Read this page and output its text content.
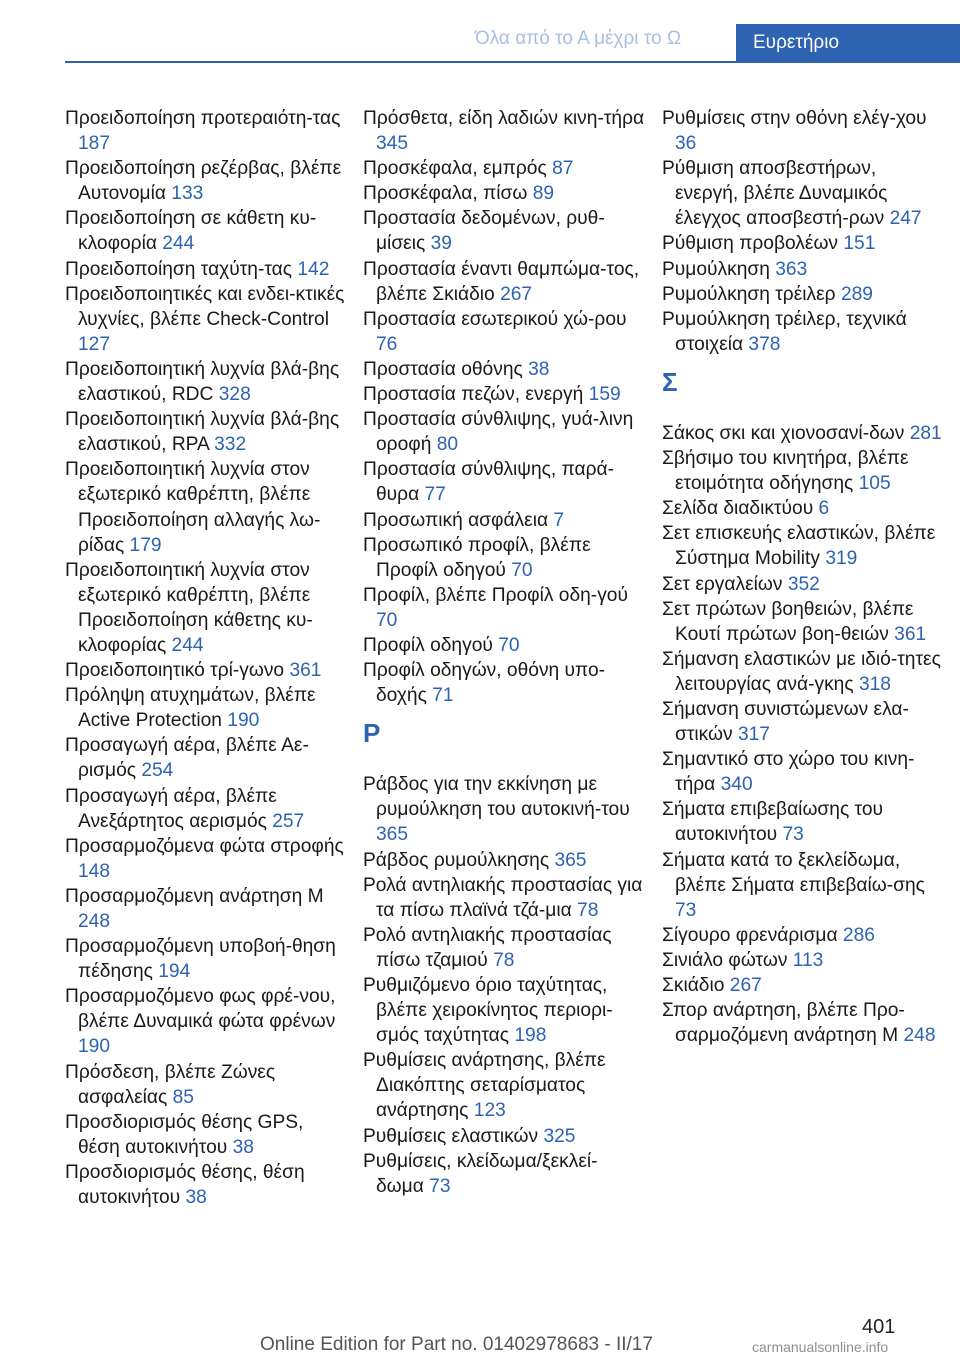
Όλα από το Α μέχρι το Ω	Ευρετήριο
Προειδοποίηση προτεραιότη-τας 187
Προειδοποίηση ρεζέρβας, βλέπε Αυτονομία 133
Προειδοποίηση σε κάθετη κυ-κλοφορία 244
Προειδοποίηση ταχύτη-τας 142
Προειδοποιητικές και ενδει-κτικές λυχνίες, βλέπε Check-Control 127
Προειδοποιητική λυχνία βλά-βης ελαστικού, RDC 328
Προειδοποιητική λυχνία βλά-βης ελαστικού, RPA 332
Προειδοποιητική λυχνία στον εξωτερικό καθρέπτη, βλέπε Προειδοποίηση αλλαγής λω-ρίδας 179
Προειδοποιητική λυχνία στον εξωτερικό καθρέπτη, βλέπε Προειδοποίηση κάθετης κυ-κλοφορίας 244
Προειδοποιητικό τρί-γωνο 361
Πρόληψη ατυχημάτων, βλέπε Active Protection 190
Προσαγωγή αέρα, βλέπε Αε-ρισμός 254
Προσαγωγή αέρα, βλέπε Ανεξάρτητος αερισμός 257
Προσαρμοζόμενα φώτα στροφής 148
Προσαρμοζόμενη ανάρτηση M 248
Προσαρμοζόμενη υποβοή-θηση πέδησης 194
Προσαρμοζόμενο φως φρέ-νου, βλέπε Δυναμικά φώτα φρένων 190
Πρόσδεση, βλέπε Ζώνες ασφαλείας 85
Προσδιορισμός θέσης GPS, θέση αυτοκινήτου 38
Προσδιορισμός θέσης, θέση αυτοκινήτου 38
Πρόσθετα, είδη λαδιών κινη-τήρα 345
Προσκέφαλα, εμπρός 87
Προσκέφαλα, πίσω 89
Προστασία δεδομένων, ρυθ-μίσεις 39
Προστασία έναντι θαμπώμα-τος, βλέπε Σκιάδιο 267
Προστασία εσωτερικού χώ-ρου 76
Προστασία οθόνης 38
Προστασία πεζών, ενεργή 159
Προστασία σύνθλιψης, γυά-λινη οροφή 80
Προστασία σύνθλιψης, παρά-θυρα 77
Προσωπική ασφάλεια 7
Προσωπικό προφίλ, βλέπε Προφίλ οδηγού 70
Προφίλ, βλέπε Προφίλ οδη-γού 70
Προφίλ οδηγού 70
Προφίλ οδηγών, οθόνη υπο-δοχής 71
Ρ
Ράβδος για την εκκίνηση με ρυμούλκηση του αυτοκινή-του 365
Ράβδος ρυμούλκησης 365
Ρολά αντηλιακής προστασίας για τα πίσω πλαϊνά τζά-μια 78
Ρολό αντηλιακής προστασίας πίσω τζαμιού 78
Ρυθμιζόμενο όριο ταχύτητας, βλέπε χειροκίνητος περιορι-σμός ταχύτητας 198
Ρυθμίσεις ανάρτησης, βλέπε Διακόπτης σεταρίσματος ανάρτησης 123
Ρυθμίσεις ελαστικών 325
Ρυθμίσεις, κλείδωμα/ξεκλεί-δωμα 73
Ρυθμίσεις στην οθόνη ελέγ-χου 36
Ρύθμιση αποσβεστήρων, ενεργή, βλέπε Δυναμικός έλεγχος αποσβεστή-ρων 247
Ρύθμιση προβολέων 151
Ρυμούλκηση 363
Ρυμούλκηση τρέιλερ 289
Ρυμούλκηση τρέιλερ, τεχνικά στοιχεία 378
Σ
Σάκος σκι και χιονοσανί-δων 281
Σβήσιμο του κινητήρα, βλέπε ετοιμότητα οδήγησης 105
Σελίδα διαδικτύου 6
Σετ επισκευής ελαστικών, βλέπε Σύστημα Mobility 319
Σετ εργαλείων 352
Σετ πρώτων βοηθειών, βλέπε Κουτί πρώτων βοη-θειών 361
Σήμανση ελαστικών με ιδιό-τητες λειτουργίας ανά-γκης 318
Σήμανση συνιστώμενων ελα-στικών 317
Σημαντικό στο χώρο του κινη-τήρα 340
Σήματα επιβεβαίωσης του αυτοκινήτου 73
Σήματα κατά το ξεκλείδωμα, βλέπε Σήματα επιβεβαίω-σης 73
Σίγουρο φρενάρισμα 286
Σινιάλο φώτων 113
Σκιάδιο 267
Σπορ ανάρτηση, βλέπε Προ-σαρμοζόμενη ανάρτηση M 248
401
Online Edition for Part no. 01402978683 - II/17	carmanualsonline.info
